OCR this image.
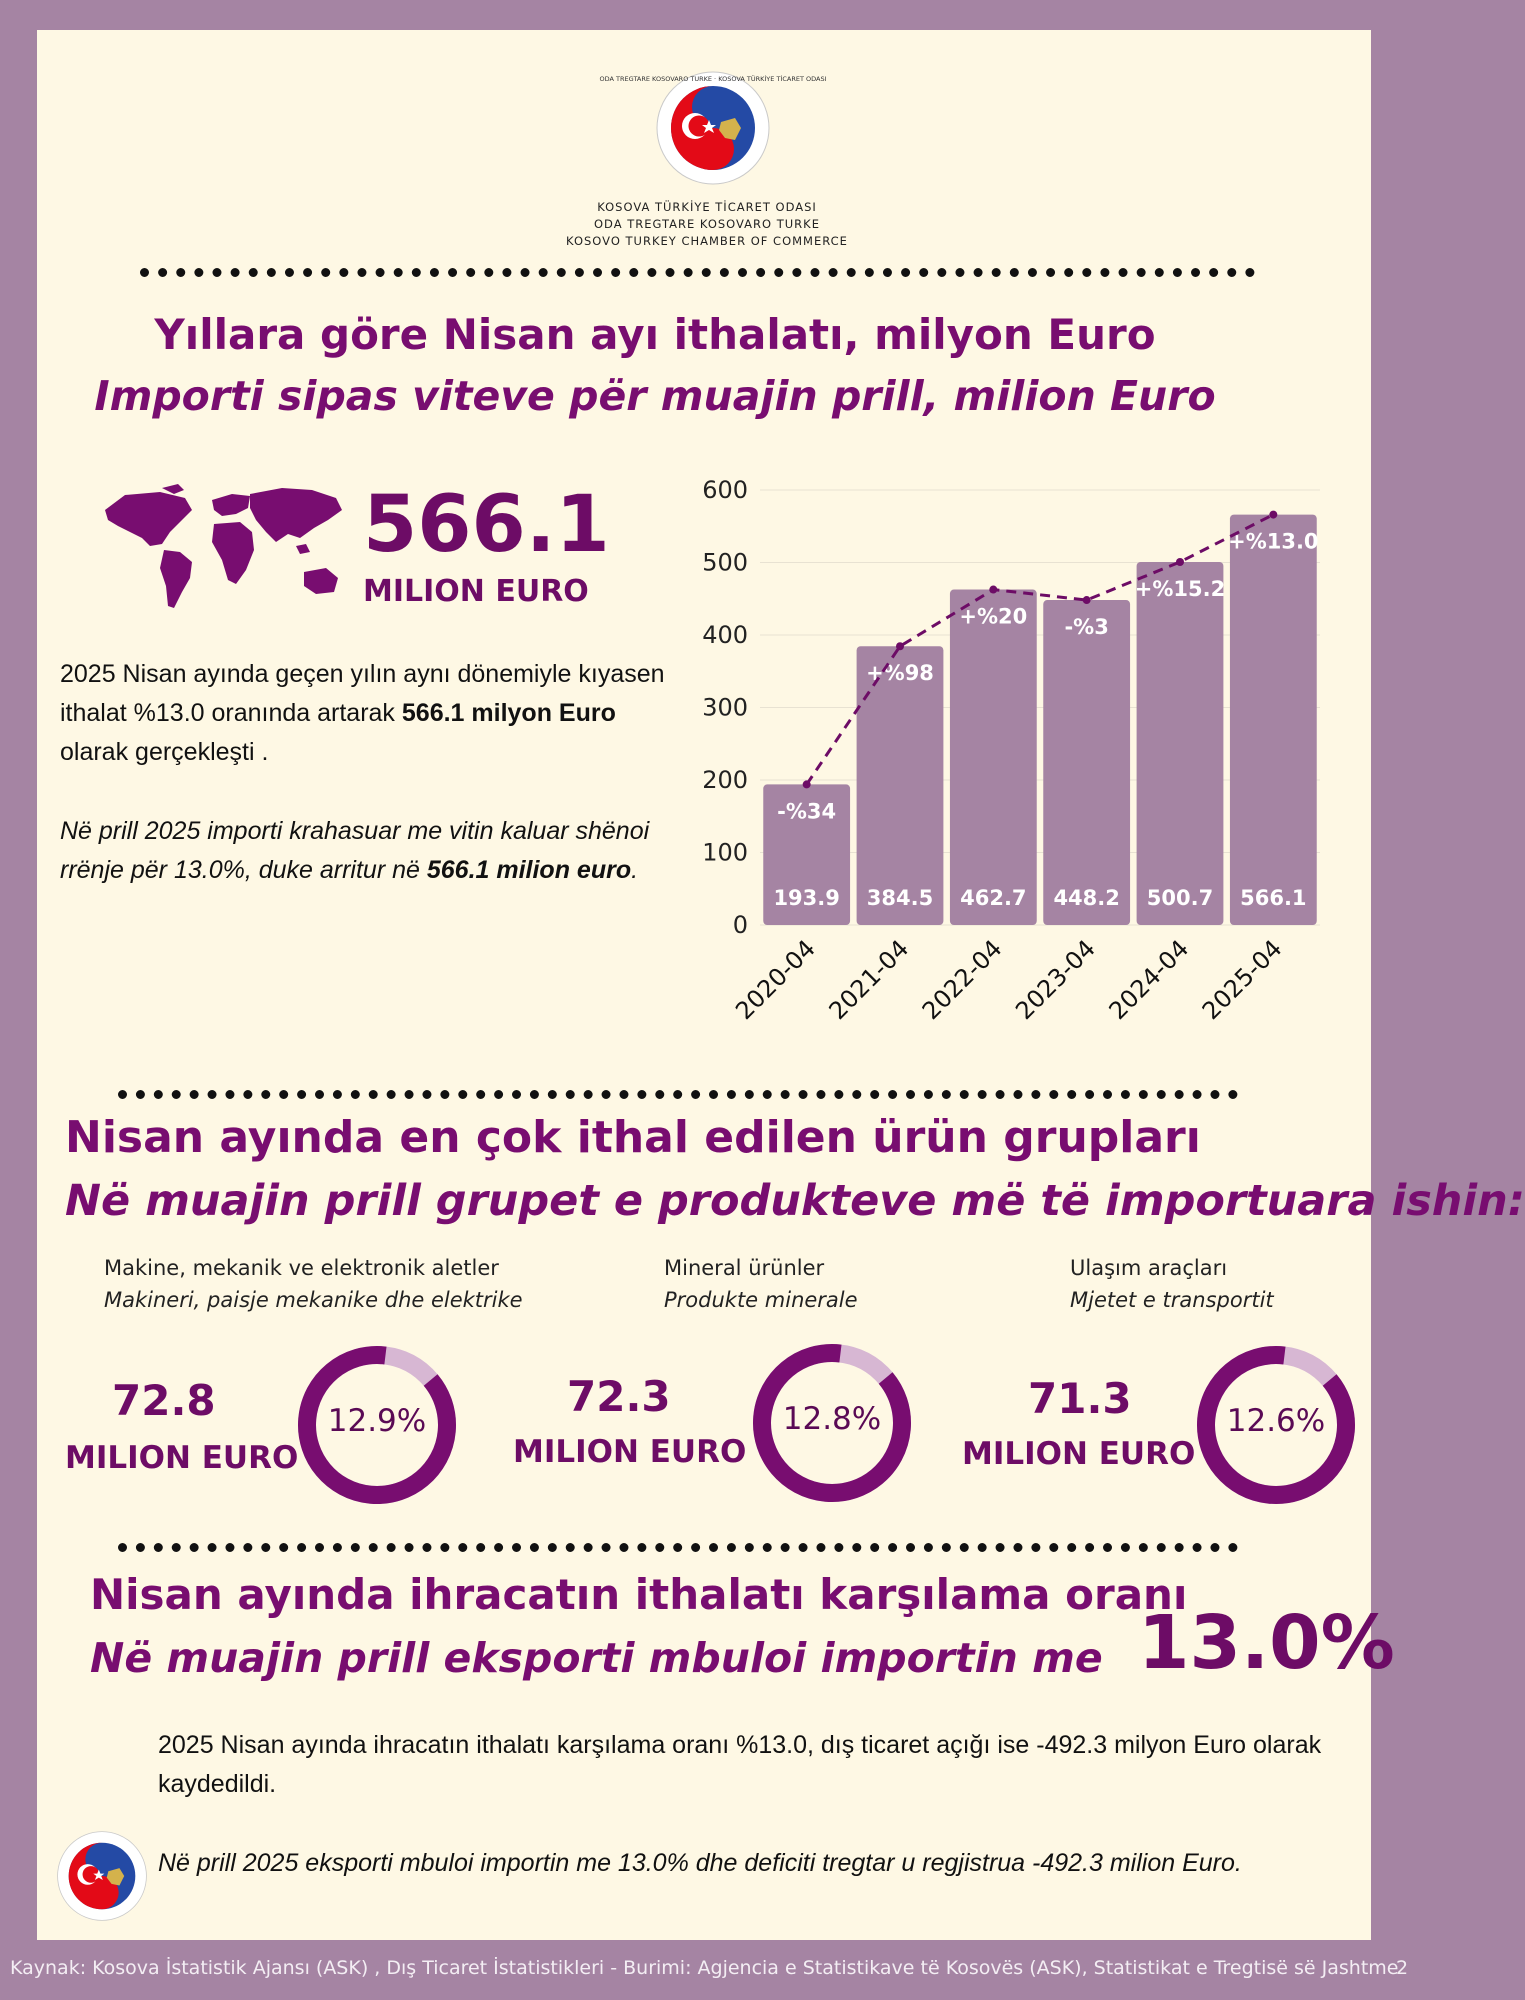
ODA TREGTARE KOSOVARO TURKE · KOSOVA TÜRKİYE TİCARET ODASI
KOSOVA TÜRKİYE TİCARET ODASI
ODA TREGTARE KOSOVARO TURKE
KOSOVO TURKEY CHAMBER OF COMMERCE
Yıllara göre Nisan ayı ithalatı, milyon Euro
Importi sipas viteve për muajin prill, milion Euro
566.1
MILION EURO
2025 Nisan ayında geçen yılın aynı dönemiyle kıyasen ithalat %13.0 oranında artarak 566.1 milyon Euro olarak gerçekleşti .
Në prill 2025 importi krahasuar me vitin kaluar shënoi rrënje për 13.0%, duke arritur në 566.1 milion euro.
0
100
200
300
400
500
600
193.9
-%34
2020-04
384.5
+%98
2021-04
462.7
+%20
2022-04
448.2
-%3
2023-04
500.7
+%15.2
2024-04
566.1
+%13.0
2025-04
Nisan ayında en çok ithal edilen ürün grupları
Në muajin prill grupet e produkteve më të importuara ishin:
Makine, mekanik ve elektronik aletler
Makineri, paisje mekanike dhe elektrike
72.8
MILION EURO
12.9%
Mineral ürünler
Produkte minerale
72.3
MILION EURO
12.8%
Ulaşım araçları
Mjetet e transportit
71.3
MILION EURO
12.6%
Nisan ayında ihracatın ithalatı karşılama oranı
Në muajin prill eksporti mbuloi importin me 13.0%
2025 Nisan ayında ihracatın ithalatı karşılama oranı %13.0, dış ticaret açığı ise -492.3 milyon Euro olarak kaydedildi.
Në prill 2025 eksporti mbuloi importin me 13.0% dhe deficiti tregtar u regjistrua -492.3 milion Euro.
Kaynak: Kosova İstatistik Ajansı (ASK) , Dış Ticaret İstatistikleri - Burimi: Agjencia e Statistikave të Kosovës (ASK), Statistikat e Tregtisë së Jashtme
2
